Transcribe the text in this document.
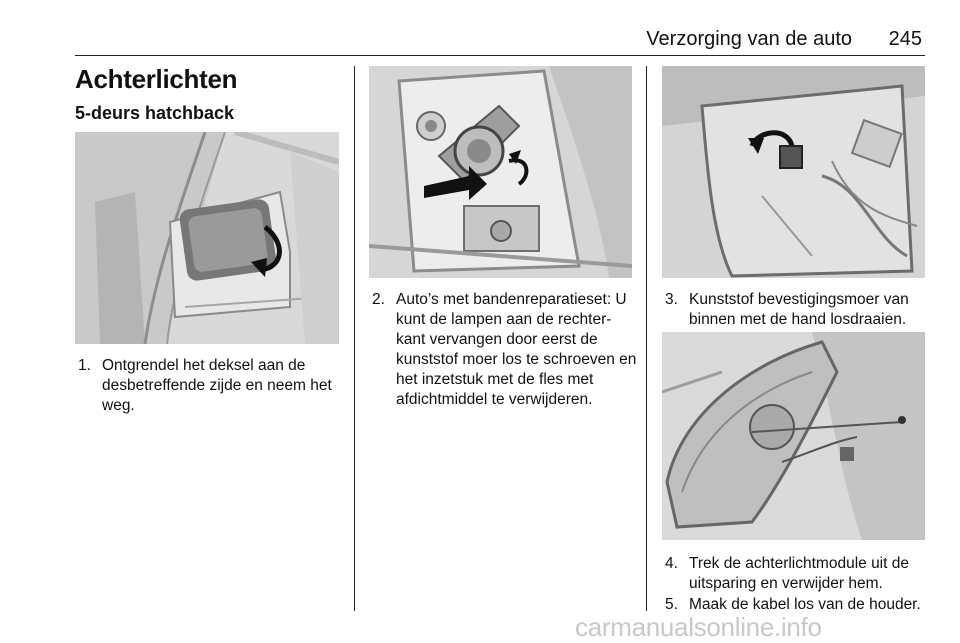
Verzorging van de auto	245
Achterlichten
5-deurs hatchback
1. Ontgrendel het deksel aan de desbetreffende zijde en neem het weg.
2. Auto’s met bandenreparatieset: U kunt de lampen aan de rechter-kant vervangen door eerst de kunststof moer los te schroeven en het inzetstuk met de fles met afdichtmiddel te verwijderen.
3. Kunststof bevestigingsmoer van binnen met de hand losdraaien.
4. Trek de achterlichtmodule uit de uitsparing en verwijder hem.
5. Maak de kabel los van de houder.
carmanualsonline.info
